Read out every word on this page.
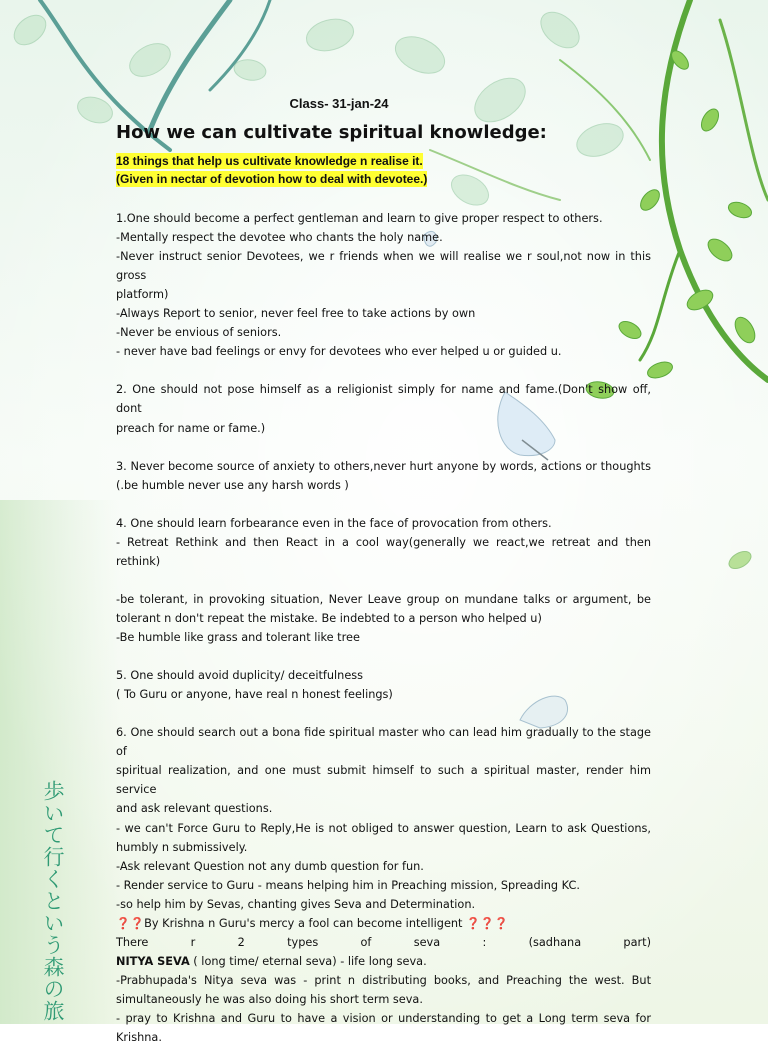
Class- 31-jan-24
How we can cultivate spiritual knowledge:
18 things that help us cultivate knowledge n realise it.
(Given in nectar of devotion how to deal with devotee.)
1.One should become a perfect gentleman and learn to give proper respect to others.
-Mentally respect the devotee who chants the holy name.
-Never instruct senior Devotees, we r friends when we will realise we r soul,not now in this gross
platform)
-Always Report to senior, never feel free to take actions by own
-Never be envious of seniors.
- never have bad feelings or envy for devotees who ever helped u or guided u.
2. One should not pose himself as a religionist simply for name and fame.(Don't show off, dont
preach for name or fame.)
3. Never become source of anxiety to others,never hurt anyone by words, actions or thoughts
(.be humble never use any harsh words )
4. One should learn forbearance even in the face of provocation from others.
- Retreat Rethink and then React in a cool way(generally we react,we retreat and then rethink)
-be tolerant, in provoking situation, Never Leave group on mundane talks or argument, be
tolerant n don't repeat the mistake. Be indebted to a person who helped u)
-Be humble like grass and tolerant like tree
5. One should avoid duplicity/ deceitfulness
( To Guru or anyone, have real n honest feelings)
6. One should search out a bona fide spiritual master who can lead him gradually to the stage of
spiritual realization, and one must submit himself to such a spiritual master, render him service
and ask relevant questions.
- we can't Force Guru to Reply,He is not obliged to answer question, Learn to ask Questions,
humbly n submissively.
-Ask relevant Question not any dumb question for fun.
- Render service to Guru - means helping him in Preaching mission, Spreading KC.
-so help him by Sevas, chanting gives Seva and Determination.
❓❓By Krishna n Guru's mercy a fool can become intelligent ❓❓❓
There r 2 types of seva : (sadhana part)
NITYA SEVA ( long time/ eternal seva) - life long seva.
-Prabhupada's Nitya seva was - print n distributing books, and Preaching the west. But
simultaneously he was also doing his short term seva.
- pray to Krishna and Guru to have a vision or understanding to get a Long term seva for Krishna.
歩いて行くという森の旅
